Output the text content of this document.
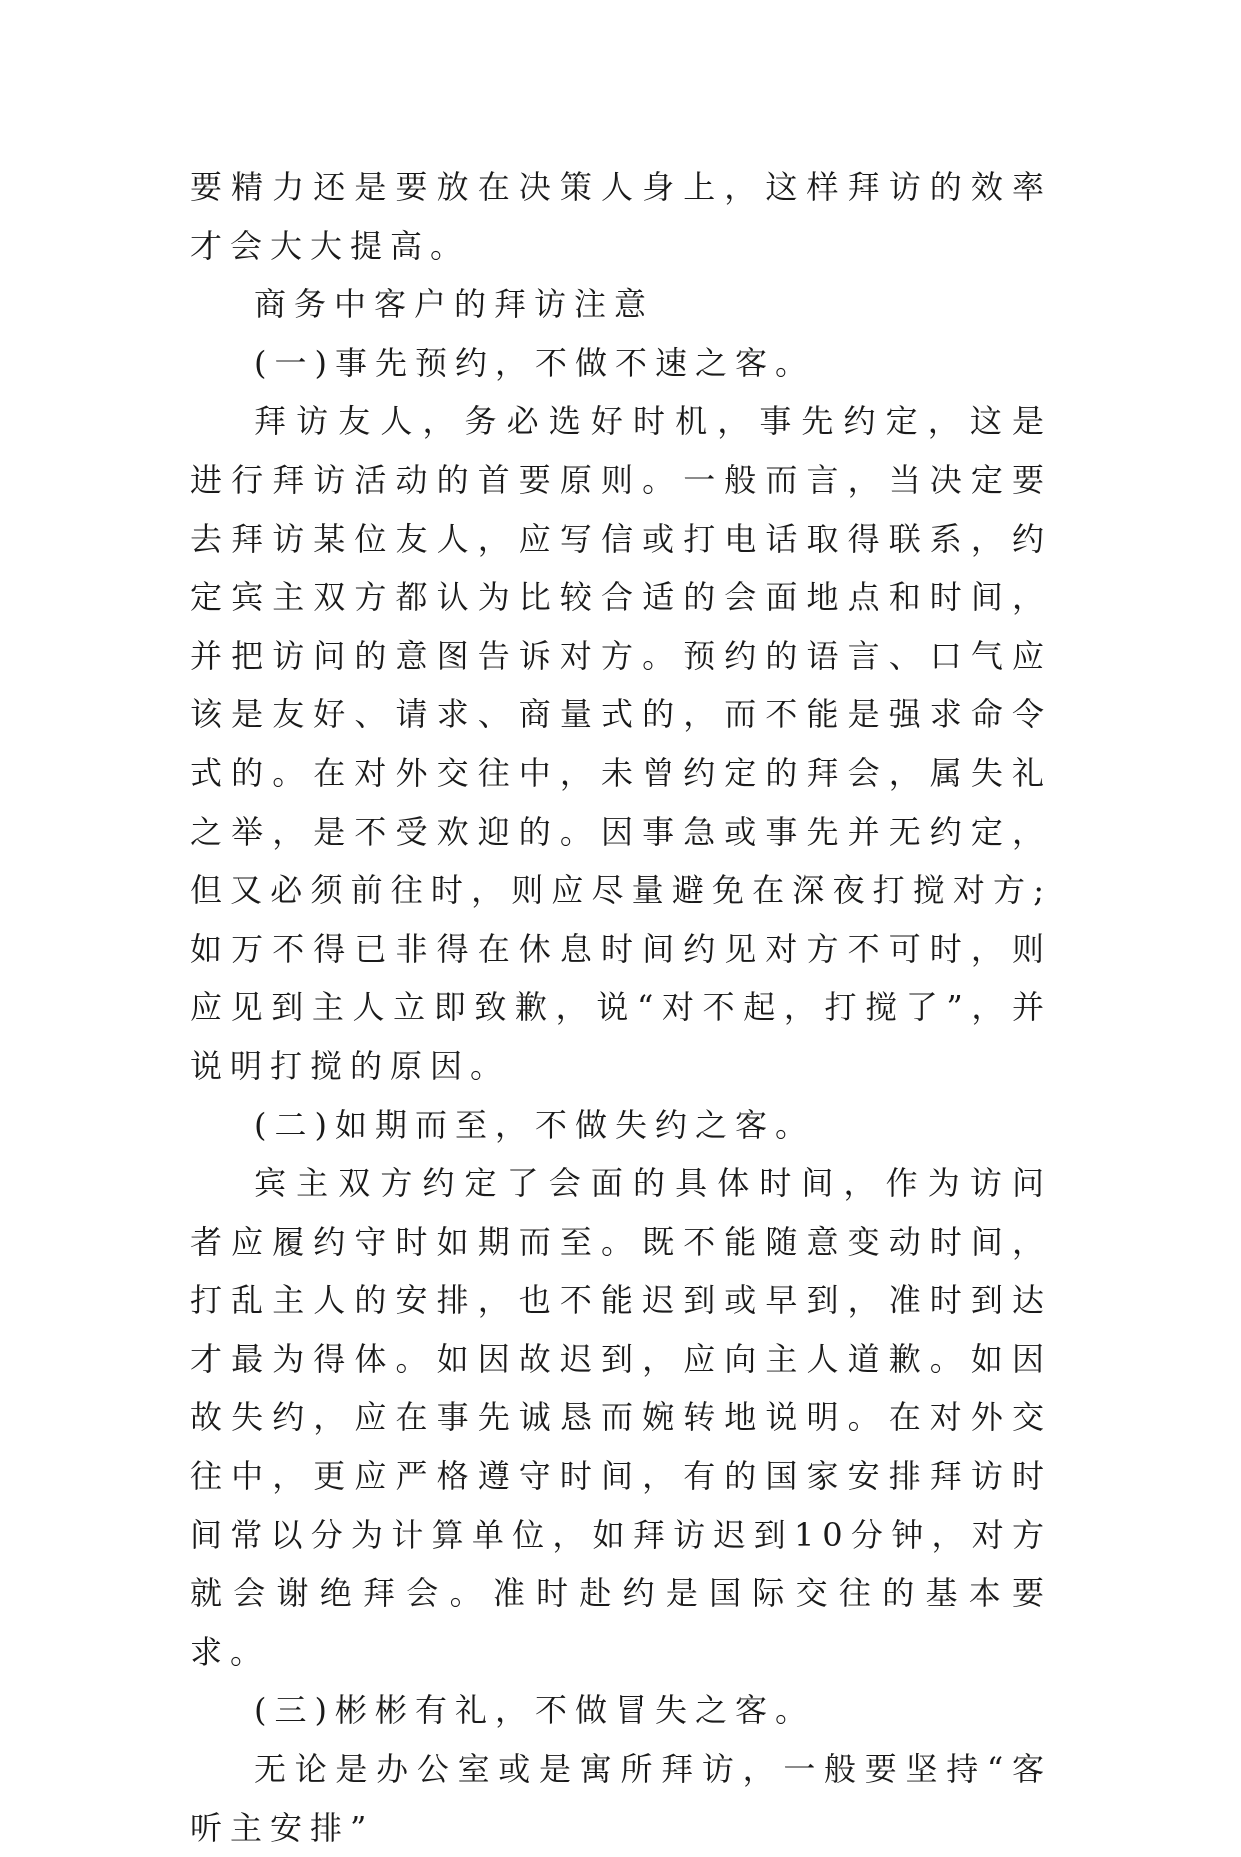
要精力还是要放在决策人身上，这样拜访的效率才会大大提高。

商务中客户的拜访注意

(一)事先预约，不做不速之客。

拜访友人，务必选好时机，事先约定，这是进行拜访活动的首要原则。一般而言，当决定要去拜访某位友人，应写信或打电话取得联系，约定宾主双方都认为比较合适的会面地点和时间，并把访问的意图告诉对方。预约的语言、口气应该是友好、请求、商量式的，而不能是强求命令式的。在对外交往中，未曾约定的拜会，属失礼之举，是不受欢迎的。因事急或事先并无约定，但又必须前往时，则应尽量避免在深夜打搅对方;如万不得已非得在休息时间约见对方不可时，则应见到主人立即致歉，说“对不起，打搅了”，并说明打搅的原因。

(二)如期而至，不做失约之客。

宾主双方约定了会面的具体时间，作为访问者应履约守时如期而至。既不能随意变动时间，打乱主人的安排，也不能迟到或早到，准时到达才最为得体。如因故迟到，应向主人道歉。如因故失约，应在事先诚恳而婉转地说明。在对外交往中，更应严格遵守时间，有的国家安排拜访时间常以分为计算单位，如拜访迟到10分钟，对方就会谢绝拜会。准时赴约是国际交往的基本要求。

(三)彬彬有礼，不做冒失之客。

无论是办公室或是寓所拜访，一般要坚持“客听主安排”
